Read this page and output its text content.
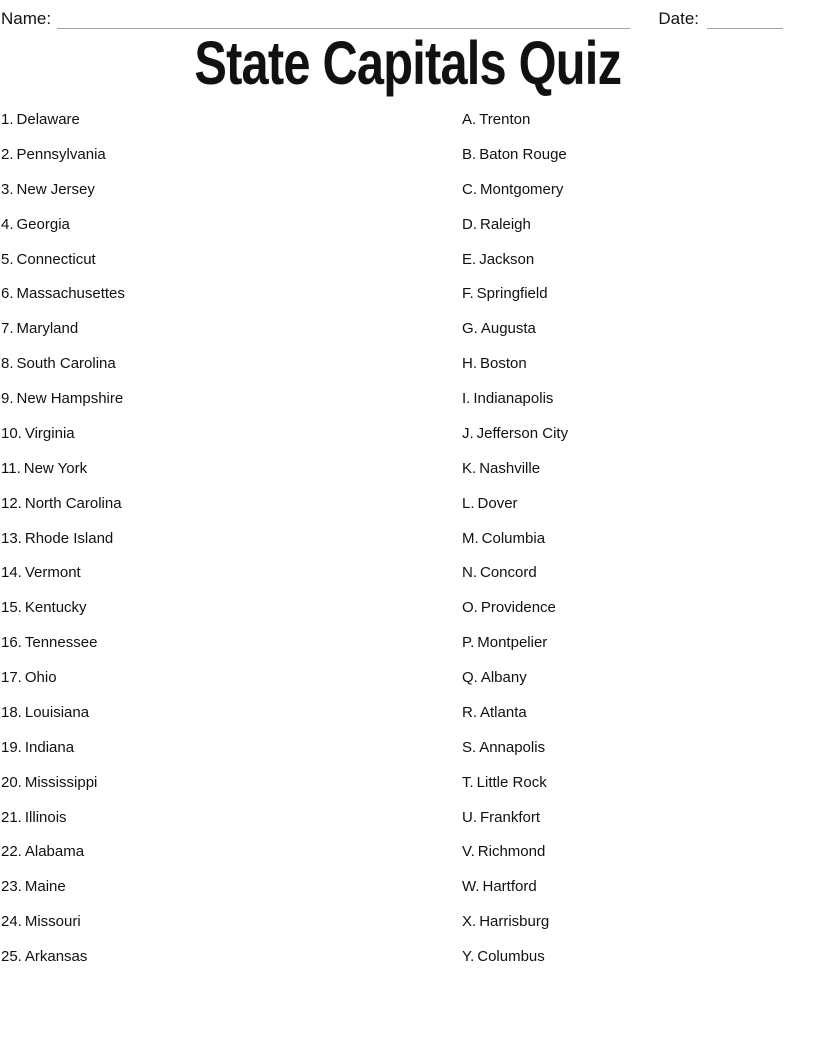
Name:	Date:
State Capitals Quiz
1. Delaware
2. Pennsylvania
3. New Jersey
4. Georgia
5. Connecticut
6. Massachusettes
7. Maryland
8. South Carolina
9. New Hampshire
10. Virginia
11. New York
12. North Carolina
13. Rhode Island
14. Vermont
15. Kentucky
16. Tennessee
17. Ohio
18. Louisiana
19. Indiana
20. Mississippi
21. Illinois
22. Alabama
23. Maine
24. Missouri
25. Arkansas
A. Trenton
B. Baton Rouge
C. Montgomery
D. Raleigh
E. Jackson
F. Springfield
G. Augusta
H. Boston
I. Indianapolis
J. Jefferson City
K. Nashville
L. Dover
M. Columbia
N. Concord
O. Providence
P. Montpelier
Q. Albany
R. Atlanta
S. Annapolis
T. Little Rock
U. Frankfort
V. Richmond
W. Hartford
X. Harrisburg
Y. Columbus
